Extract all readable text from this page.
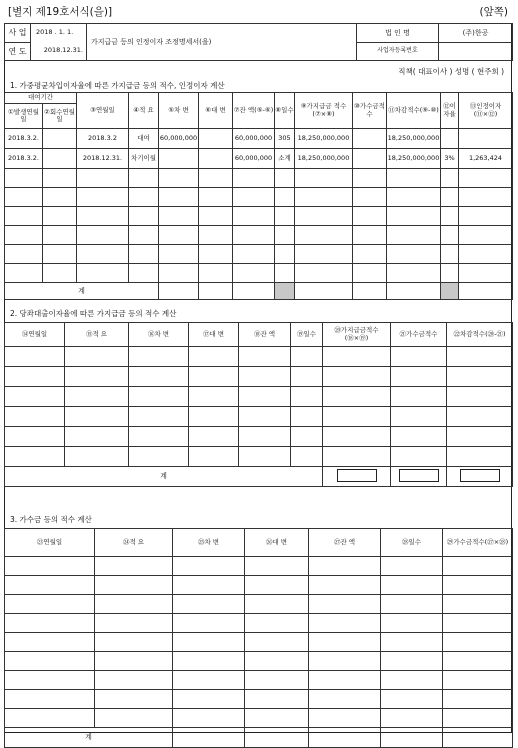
[별지 제19호서식(을)]	(앞쪽)
사 업	2018 . 1. 1.	가지급금 등의 인정이자 조정명세서(을)	법 인 명	(주)한공
연 도	2018.12.31.		사업자등록번호	
직책( 대표이사 ) 성명 ( 현주희 )
1. 가중평균차입이자율에 따른 가지급금 등의 적수, 인정이자 계산
대여기간		③연월일	④적 요	⑤차 변	⑥대 변	⑦잔 액(⑤-⑥)	⑧일수	⑨가지급금 적수(⑦×⑧)	⑩가수금적수	⑪차감적수(⑨-⑩)	⑫이자율	⑬인정이자(⑪×⑫)
①발생연월일	②회수연월일											
2018.3.2.		2018.3.2	대여	60,000,000		60,000,000	305	18,250,000,000		18,250,000,000		
2018.3.2.		2018.12.31.	차기이월			60,000,000	소계	18,250,000,000		18,250,000,000	3%	1,263,424

계												
2. 당좌대출이자율에 따른 가지급금 등의 적수 계산
⑭연월일	⑮적 요	⑯차 변	⑰대 변	⑱잔 액	⑲일수	⑳가지급금적수(⑱×⑲)	㉑가수금적수	㉒차감적수(⑳-㉑)

계								
3. 가수금 등의 적수 계산
㉓연월일	㉔적 요	㉕차 변	㉖대 변	㉗잔 액	㉘일수	㉙가수금적수(㉗×㉘)

계						
